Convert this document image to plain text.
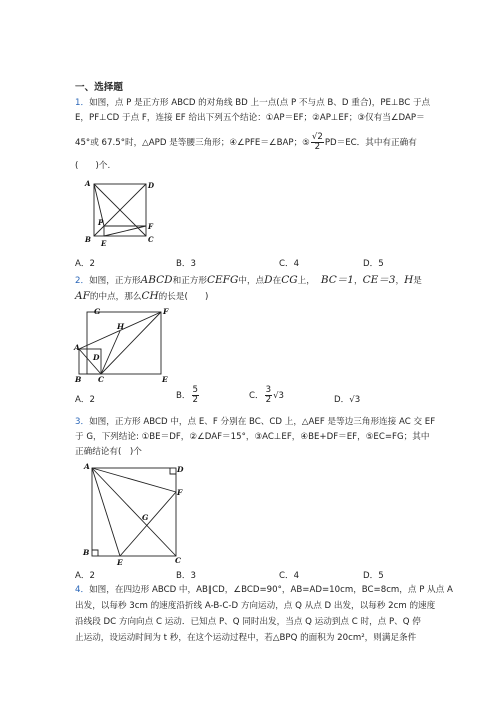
一、选择题
1．如图，点 P 是正方形 ABCD 的对角线 BD 上一点(点 P 不与点 B、D 重合)，PE⊥BC 于点
E，PF⊥CD 于点 F，连接 EF 给出下列五个结论：①AP＝EF；②AP⊥EF；③仅有当∠DAP＝
45°或 67.5°时，△APD 是等腰三角形；④∠PFE＝∠BAP；⑤ $\frac{√2}{2} PD=EC$．其中有正确有
(　　)个.
A	D
P	F
B E	C
A．2	B．3	C．4	D．5
2．如图，正方形ABCD和正方形CEFG中，点D在CG上， BC＝1，CE＝3，H是
AF的中点，那么CH的长是(　　)
G	F
H
A
D
B C	E
A．2	B． $\frac{5}{2}$	C． $\frac{3}{2} √3$	D．√3
3．如图，正方形 ABCD 中，点 E、F 分别在 BC、CD 上，△AEF 是等边三角形连接 AC 交 EF
于 G，下列结论: ①BE＝DF，②∠DAF＝15°，③AC⊥EF，④BE+DF＝EF，⑤EC=FG；其中
正确结论有(　)个
A	D
F
G
B
E	C
A．2	B．3	C．4	D．5
4．如图，在四边形 ABCD 中，AB∥CD，∠BCD=90°，AB=AD=10cm，BC=8cm，点 P 从点 A
出发，以每秒 3cm 的速度沿折线 A-B-C-D 方向运动，点 Q 从点 D 出发，以每秒 2cm 的速度
沿线段 DC 方向向点 C 运动．已知点 P、Q 同时出发，当点 Q 运动到点 C 时，点 P、Q 停
止运动，设运动时间为 t 秒，在这个运动过程中，若△BPQ 的面积为 20cm²，则满足条件
